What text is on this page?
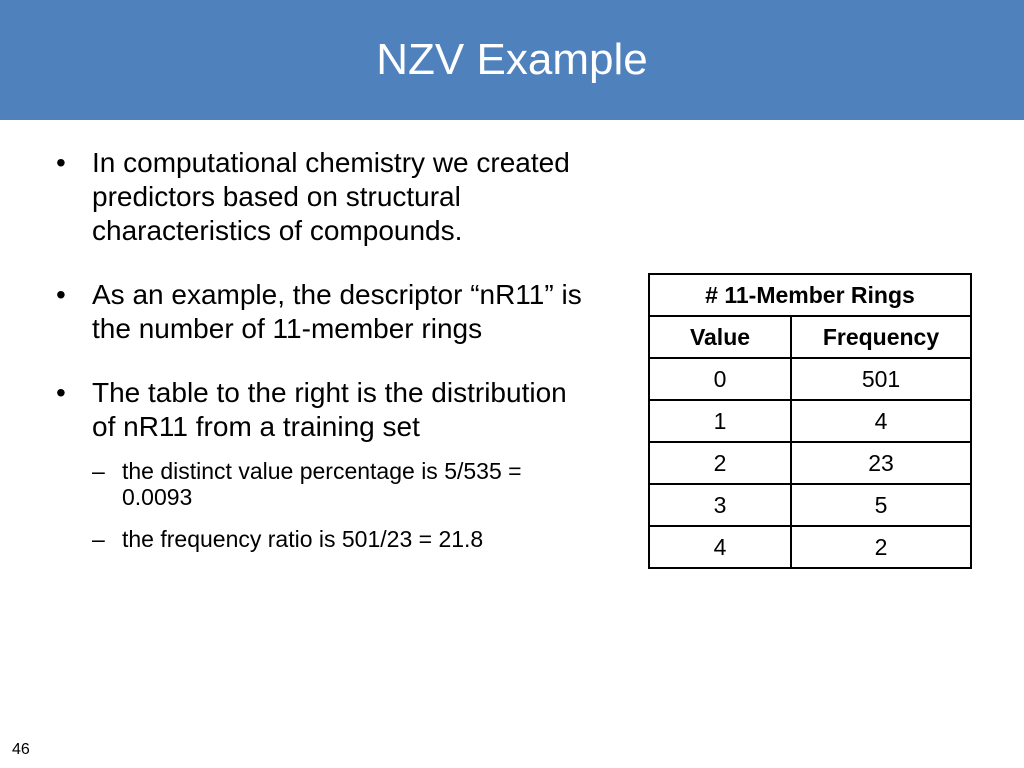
NZV Example
• In computational chemistry we created predictors based on structural characteristics of compounds.
• As an example, the descriptor “nR11” is the number of 11-member rings
• The table to the right is the distribution of nR11 from a training set
– the distinct value percentage is 5/535 = 0.0093
– the frequency ratio is 501/23 = 21.8
# 11-Member Rings	
Value	Frequency
0	501
1	4
2	23
3	5
4	2
46
